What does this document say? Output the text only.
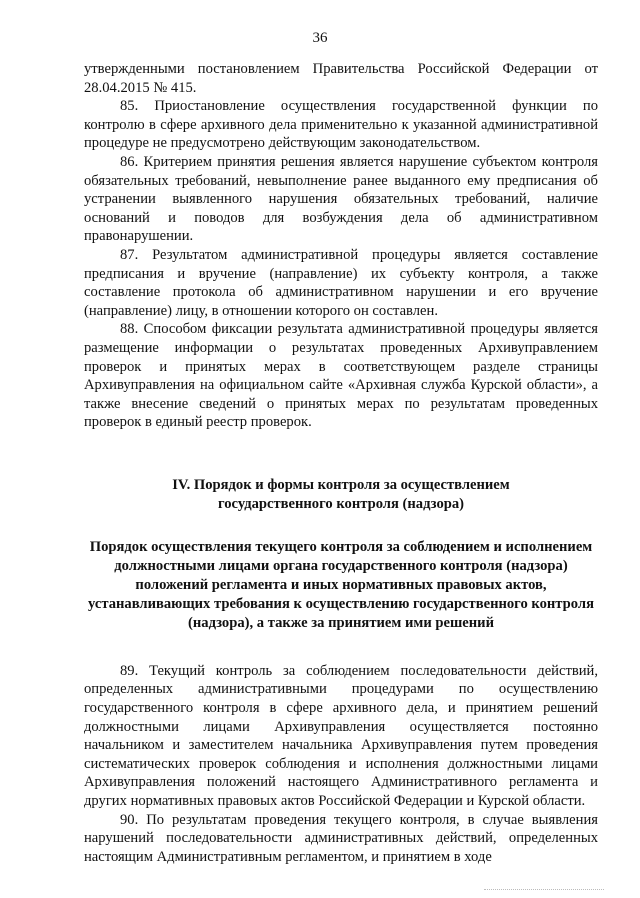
36

утвержденными постановлением Правительства Российской Федерации от 28.04.2015 № 415.

85. Приостановление осуществления государственной функции по контролю в сфере архивного дела применительно к указанной административной процедуре не предусмотрено действующим законодательством.

86. Критерием принятия решения является нарушение субъектом контроля обязательных требований, невыполнение ранее выданного ему предписания об устранении выявленного нарушения обязательных требований, наличие оснований и поводов для возбуждения дела об административном правонарушении.

87. Результатом административной процедуры является составление предписания и вручение (направление) их субъекту контроля, а также составление протокола об административном нарушении и его вручение (направление) лицу, в отношении которого он составлен.

88. Способом фиксации результата административной процедуры является размещение информации о результатах проведенных Архивуправлением проверок и принятых мерах в соответствующем разделе страницы Архивуправления на официальном сайте «Архивная служба Курской области», а также внесение сведений о принятых мерах по результатам проведенных проверок в единый реестр проверок.

IV. Порядок и формы контроля за осуществлением государственного контроля (надзора)
Порядок осуществления текущего контроля за соблюдением и исполнением должностными лицами органа государственного контроля (надзора) положений регламента и иных нормативных правовых актов, устанавливающих требования к осуществлению государственного контроля (надзора), а также за принятием ими решений

89. Текущий контроль за соблюдением последовательности действий, определенных административными процедурами по осуществлению государственного контроля в сфере архивного дела, и принятием решений должностными лицами Архивуправления осуществляется постоянно начальником и заместителем начальника Архивуправления путем проведения систематических проверок соблюдения и исполнения должностными лицами Архивуправления положений настоящего Административного регламента и других нормативных правовых актов Российской Федерации и Курской области.

90. По результатам проведения текущего контроля, в случае выявления нарушений последовательности административных действий, определенных настоящим Административным регламентом, и принятием в ходе
